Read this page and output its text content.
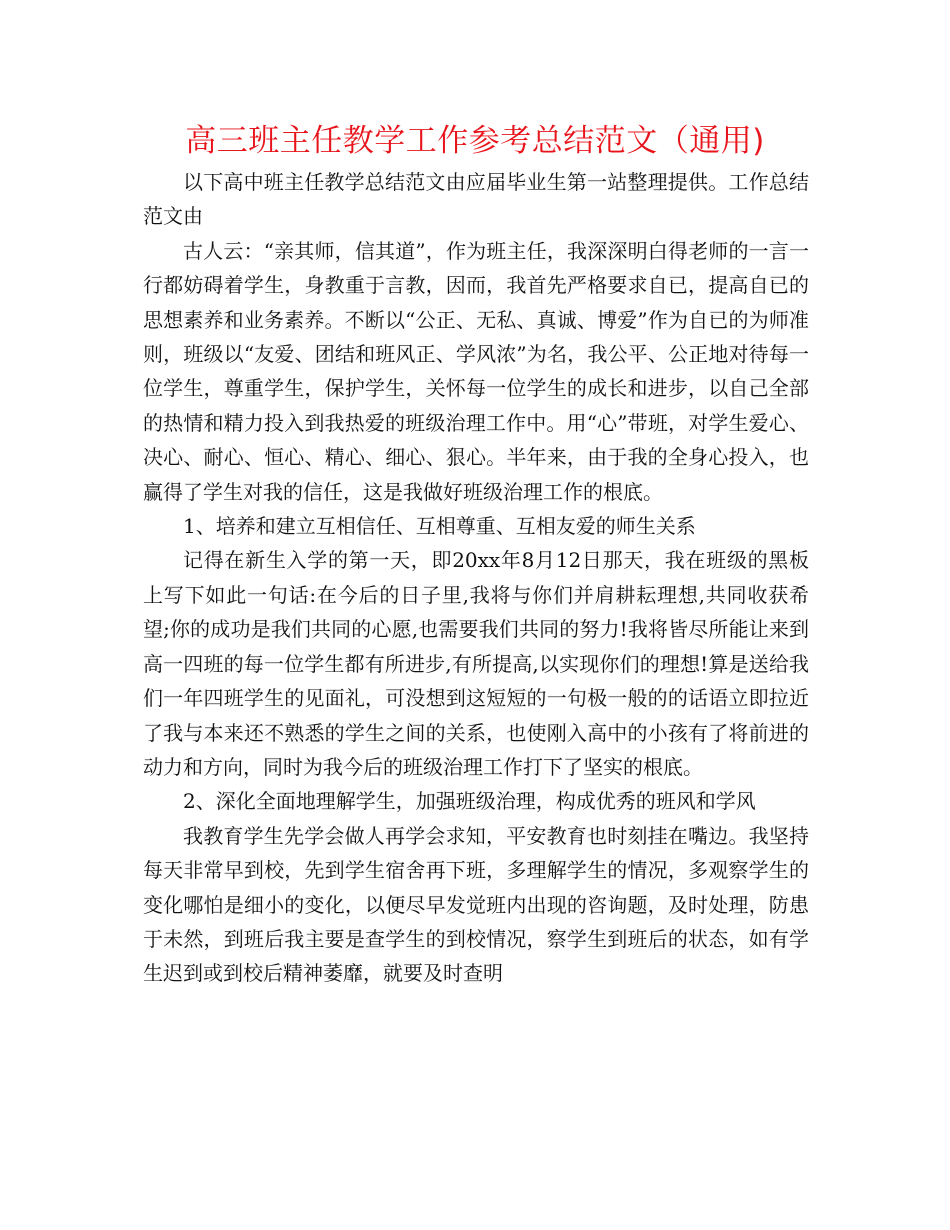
高三班主任教学工作参考总结范文（通用)

以下高中班主任教学总结范文由应届毕业生第一站整理提供。工作总结范文由

古人云：“亲其师，信其道”，作为班主任，我深深明白得老师的一言一行都妨碍着学生，身教重于言教，因而，我首先严格要求自已，提高自已的思想素养和业务素养。不断以“公正、无私、真诚、博爱”作为自已的为师准则，班级以“友爱、团结和班风正、学风浓”为名，我公平、公正地对待每一位学生，尊重学生，保护学生，关怀每一位学生的成长和进步，以自己全部的热情和精力投入到我热爱的班级治理工作中。用“心”带班，对学生爱心、决心、耐心、恒心、精心、细心、狠心。半年来，由于我的全身心投入，也赢得了学生对我的信任，这是我做好班级治理工作的根底。

1、培养和建立互相信任、互相尊重、互相友爱的师生关系

记得在新生入学的第一天，即20xx年8月12日那天，我在班级的黑板上写下如此一句话:在今后的日子里,我将与你们并肩耕耘理想,共同收获希望;你的成功是我们共同的心愿,也需要我们共同的努力!我将皆尽所能让来到高一四班的每一位学生都有所进步,有所提高,以实现你们的理想!算是送给我们一年四班学生的见面礼，可没想到这短短的一句极一般的的话语立即拉近了我与本来还不熟悉的学生之间的关系，也使刚入高中的小孩有了将前进的动力和方向，同时为我今后的班级治理工作打下了坚实的根底。

2、深化全面地理解学生，加强班级治理，构成优秀的班风和学风

我教育学生先学会做人再学会求知，平安教育也时刻挂在嘴边。我坚持每天非常早到校，先到学生宿舍再下班，多理解学生的情况，多观察学生的变化哪怕是细小的变化，以便尽早发觉班内出现的咨询题，及时处理，防患于未然，到班后我主要是查学生的到校情况，察学生到班后的状态，如有学生迟到或到校后精神萎靡，就要及时查明
